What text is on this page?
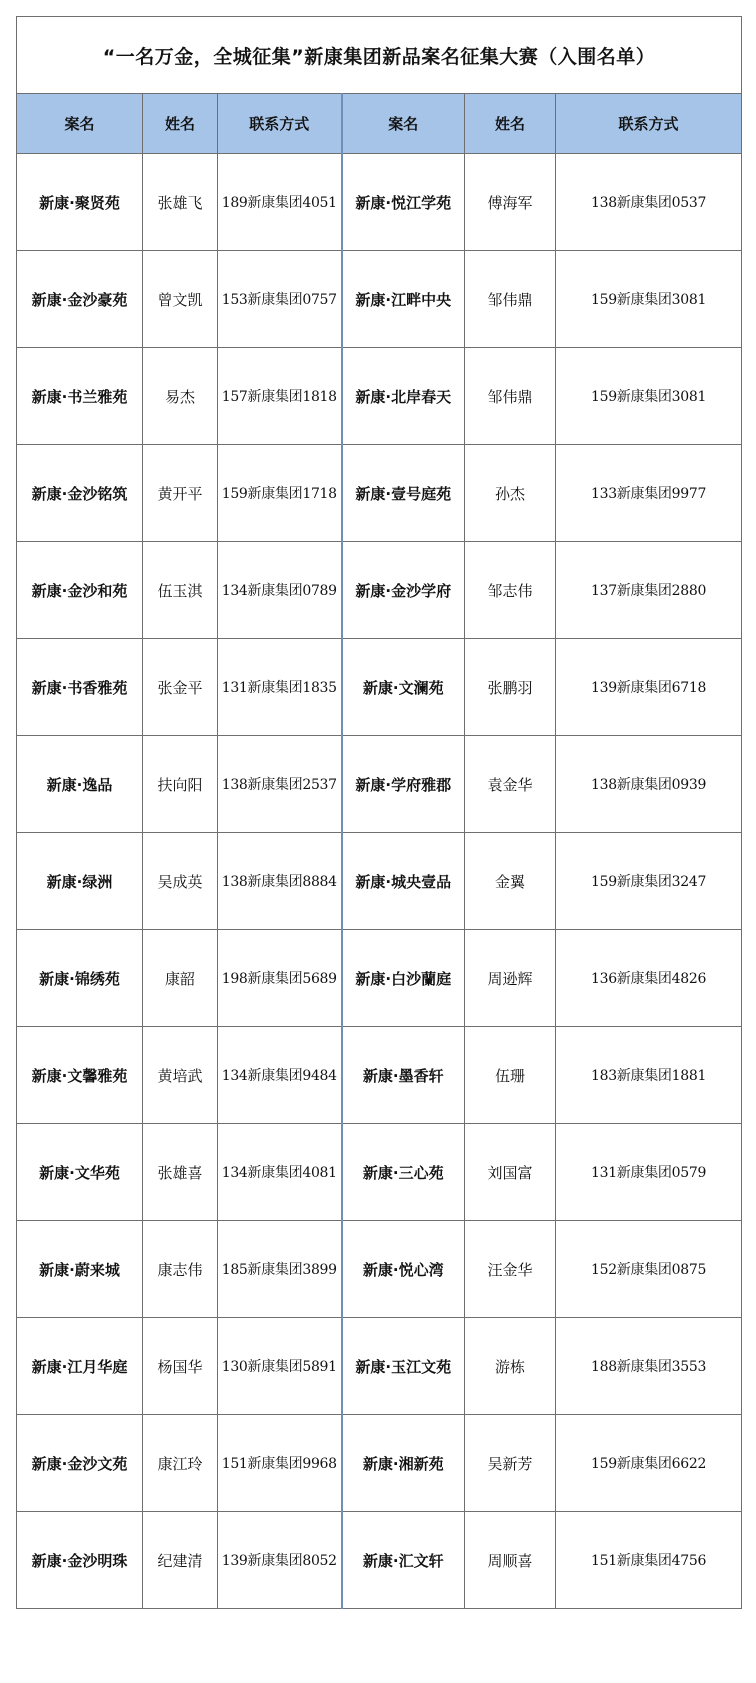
“一名万金，全城征集”新康集团新品案名征集大赛（入围名单）					
案名	姓名	联系方式	案名	姓名	联系方式
新康·聚贤苑	张雄飞	189新康集团4051	新康·悦江学苑	傅海军	138新康集团0537
新康·金沙豪苑	曾文凯	153新康集团0757	新康·江畔中央	邹伟鼎	159新康集团3081
新康·书兰雅苑	易杰	157新康集团1818	新康·北岸春天	邹伟鼎	159新康集团3081
新康·金沙铭筑	黄开平	159新康集团1718	新康·壹号庭苑	孙杰	133新康集团9977
新康·金沙和苑	伍玉淇	134新康集团0789	新康·金沙学府	邹志伟	137新康集团2880
新康·书香雅苑	张金平	131新康集团1835	新康·文澜苑	张鹏羽	139新康集团6718
新康·逸品	扶向阳	138新康集团2537	新康·学府雅郡	袁金华	138新康集团0939
新康·绿洲	吴成英	138新康集团8884	新康·城央壹品	金翼	159新康集团3247
新康·锦绣苑	康韶	198新康集团5689	新康·白沙蘭庭	周逊辉	136新康集团4826
新康·文馨雅苑	黄培武	134新康集团9484	新康·墨香轩	伍珊	183新康集团1881
新康·文华苑	张雄喜	134新康集团4081	新康·三心苑	刘国富	131新康集团0579
新康·蔚来城	康志伟	185新康集团3899	新康·悦心湾	汪金华	152新康集团0875
新康·江月华庭	杨国华	130新康集团5891	新康·玉江文苑	游栋	188新康集团3553
新康·金沙文苑	康江玲	151新康集团9968	新康·湘新苑	吴新芳	159新康集团6622
新康·金沙明珠	纪建清	139新康集团8052	新康·汇文轩	周顺喜	151新康集团4756
